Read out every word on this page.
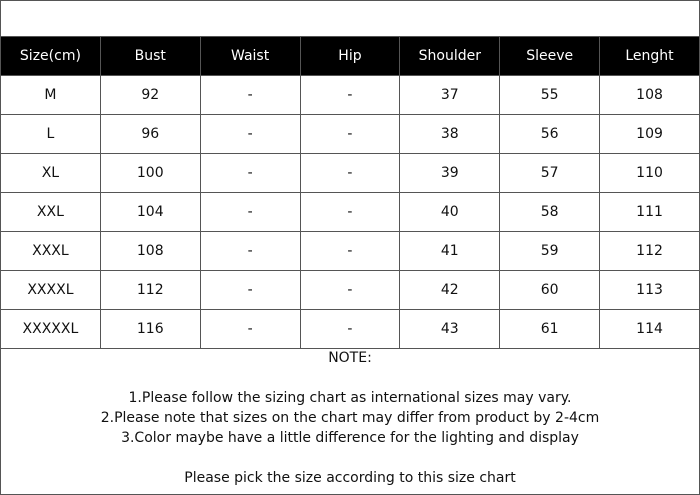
Size(cm)	Bust	Waist	Hip	Shoulder	Sleeve	Lenght
M	92	-	-	37	55	108
L	96	-	-	38	56	109
XL	100	-	-	39	57	110
XXL	104	-	-	40	58	111
XXXL	108	-	-	41	59	112
XXXXL	112	-	-	42	60	113
XXXXXL	116	-	-	43	61	114

NOTE:

1.Please follow the sizing chart as international sizes may vary.

2.Please note that sizes on the chart may differ from product by 2-4cm

3.Color maybe have a little difference for the lighting and display

Please pick the size according to this size chart
